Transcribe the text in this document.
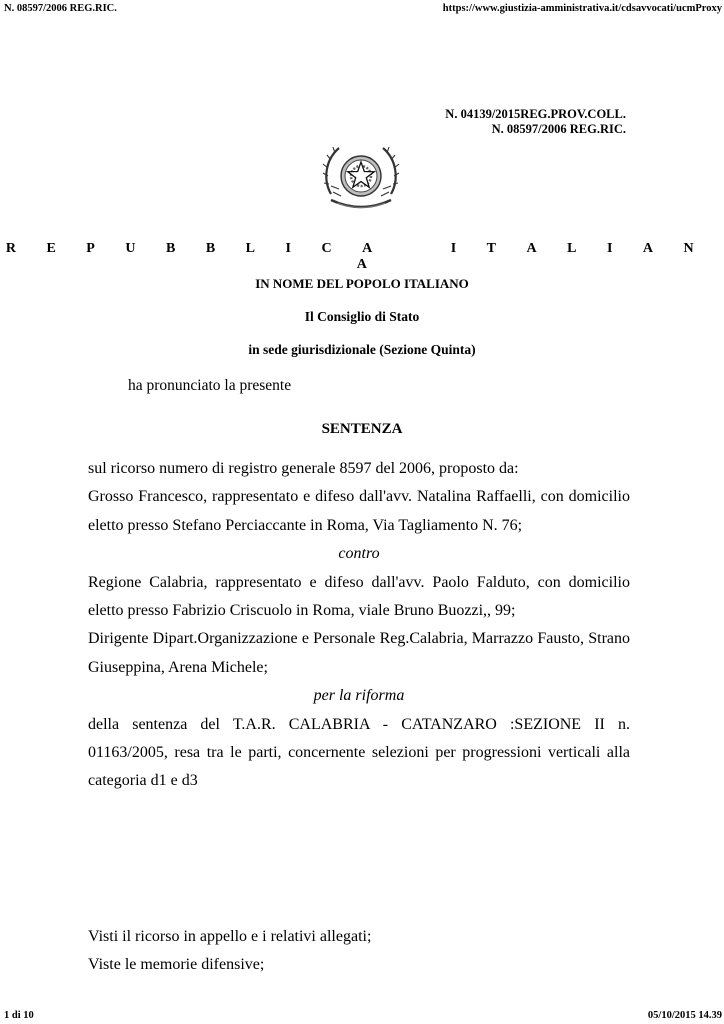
N. 08597/2006 REG.RIC.	https://www.giustizia-amministrativa.it/cdsavvocati/ucmProxy
N. 04139/2015REG.PROV.COLL.
N. 08597/2006 REG.RIC.
R E P U B B L I C A	I T A L I A N     A
IN NOME DEL POPOLO ITALIANO
Il Consiglio di Stato
in sede giurisdizionale (Sezione Quinta)
ha pronunciato la presente
SENTENZA

sul ricorso numero di registro generale 8597 del 2006, proposto da:

Grosso Francesco, rappresentato e difeso dall'avv. Natalina Raffaelli, con domicilio eletto presso Stefano Perciaccante in Roma, Via Tagliamento N. 76;

contro

Regione Calabria, rappresentato e difeso dall'avv. Paolo Falduto, con domicilio eletto presso Fabrizio Criscuolo in Roma, viale Bruno Buozzi,, 99;

Dirigente Dipart.Organizzazione e Personale Reg.Calabria, Marrazzo Fausto, Strano Giuseppina, Arena Michele;

per la riforma

della sentenza del T.A.R. CALABRIA - CATANZARO :SEZIONE II n. 01163/2005, resa tra le parti, concernente selezioni per progressioni verticali alla categoria d1 e d3

Visti il ricorso in appello e i relativi allegati;

Viste le memorie difensive;

1 di 10	05/10/2015 14.39
